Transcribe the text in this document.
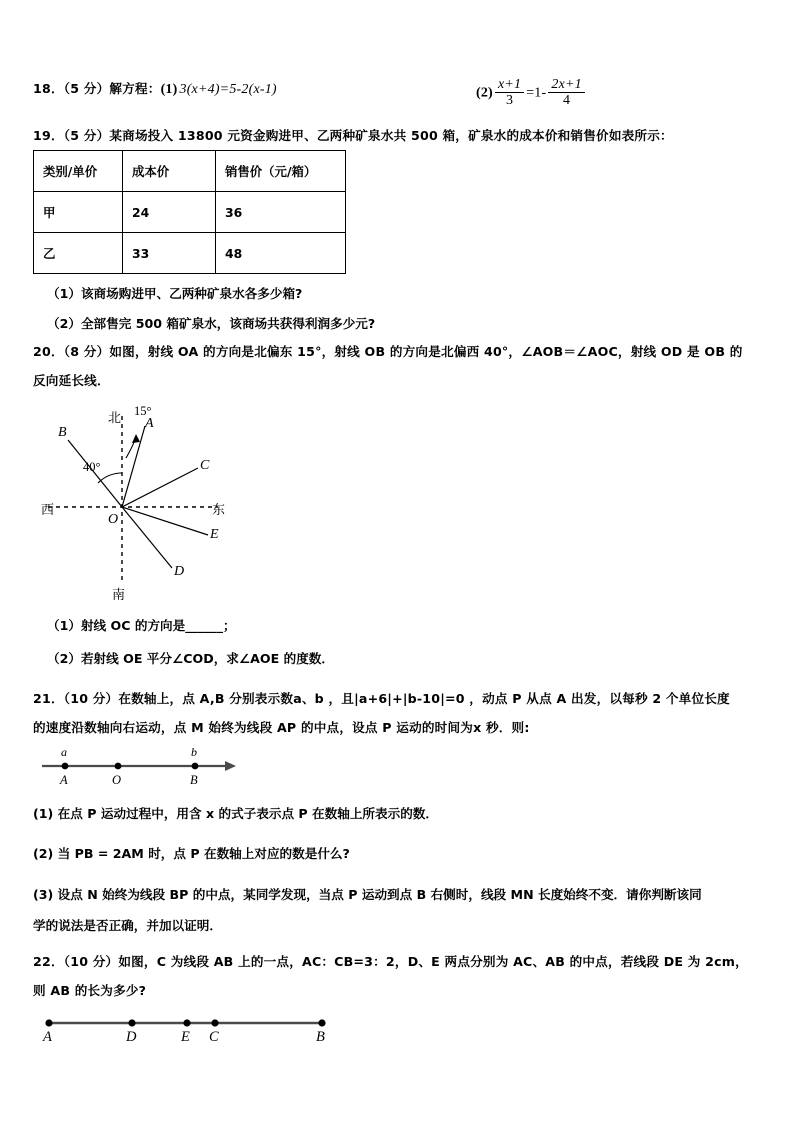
18．（5 分）解方程：(1) 3(x+4)=5-2(x-1)	$(2) \frac{x+1}{3} =1- \frac{2x+1}{4}$
19．（5 分）某商场投入 13800 元资金购进甲、乙两种矿泉水共 500 箱，矿泉水的成本价和销售价如表所示：
类别/单价	成本价	销售价（元/箱）
甲	24	36
乙	33	48
（1）该商场购进甲、乙两种矿泉水各多少箱?
（2）全部售完 500 箱矿泉水，该商场共获得利润多少元?
20．（8 分）如图，射线 OA 的方向是北偏东 15°，射线 OB 的方向是北偏西 40°，∠AOB＝∠AOC，射线 OD 是 OB 的
反向延长线．
北
南
东
西
15°
40°
A
B
C
D
E
O
（1）射线 OC 的方向是______；
（2）若射线 OE 平分∠COD，求∠AOE 的度数．
21．（10 分）在数轴上，点 A,B 分别表示数a、b ，且|a+6|+|b-10|=0 ，动点 P 从点 A 出发，以每秒 2 个单位长度
的速度沿数轴向右运动，点 M 始终为线段 AP 的中点，设点 P 运动的时间为x 秒．则:
A	O	B
a	b
(1) 在点 P 运动过程中，用含 x 的式子表示点 P 在数轴上所表示的数．
(2) 当 PB = 2AM 时，点 P 在数轴上对应的数是什么?
(3) 设点 N 始终为线段 BP 的中点，某同学发现，当点 P 运动到点 B 右侧时，线段 MN 长度始终不变．请你判断该同
学的说法是否正确，并加以证明．
22．（10 分）如图，C 为线段 AB 上的一点，AC：CB=3：2，D、E 两点分别为 AC、AB 的中点，若线段 DE 为 2cm，
则 AB 的长为多少?
A	D	E C	B
